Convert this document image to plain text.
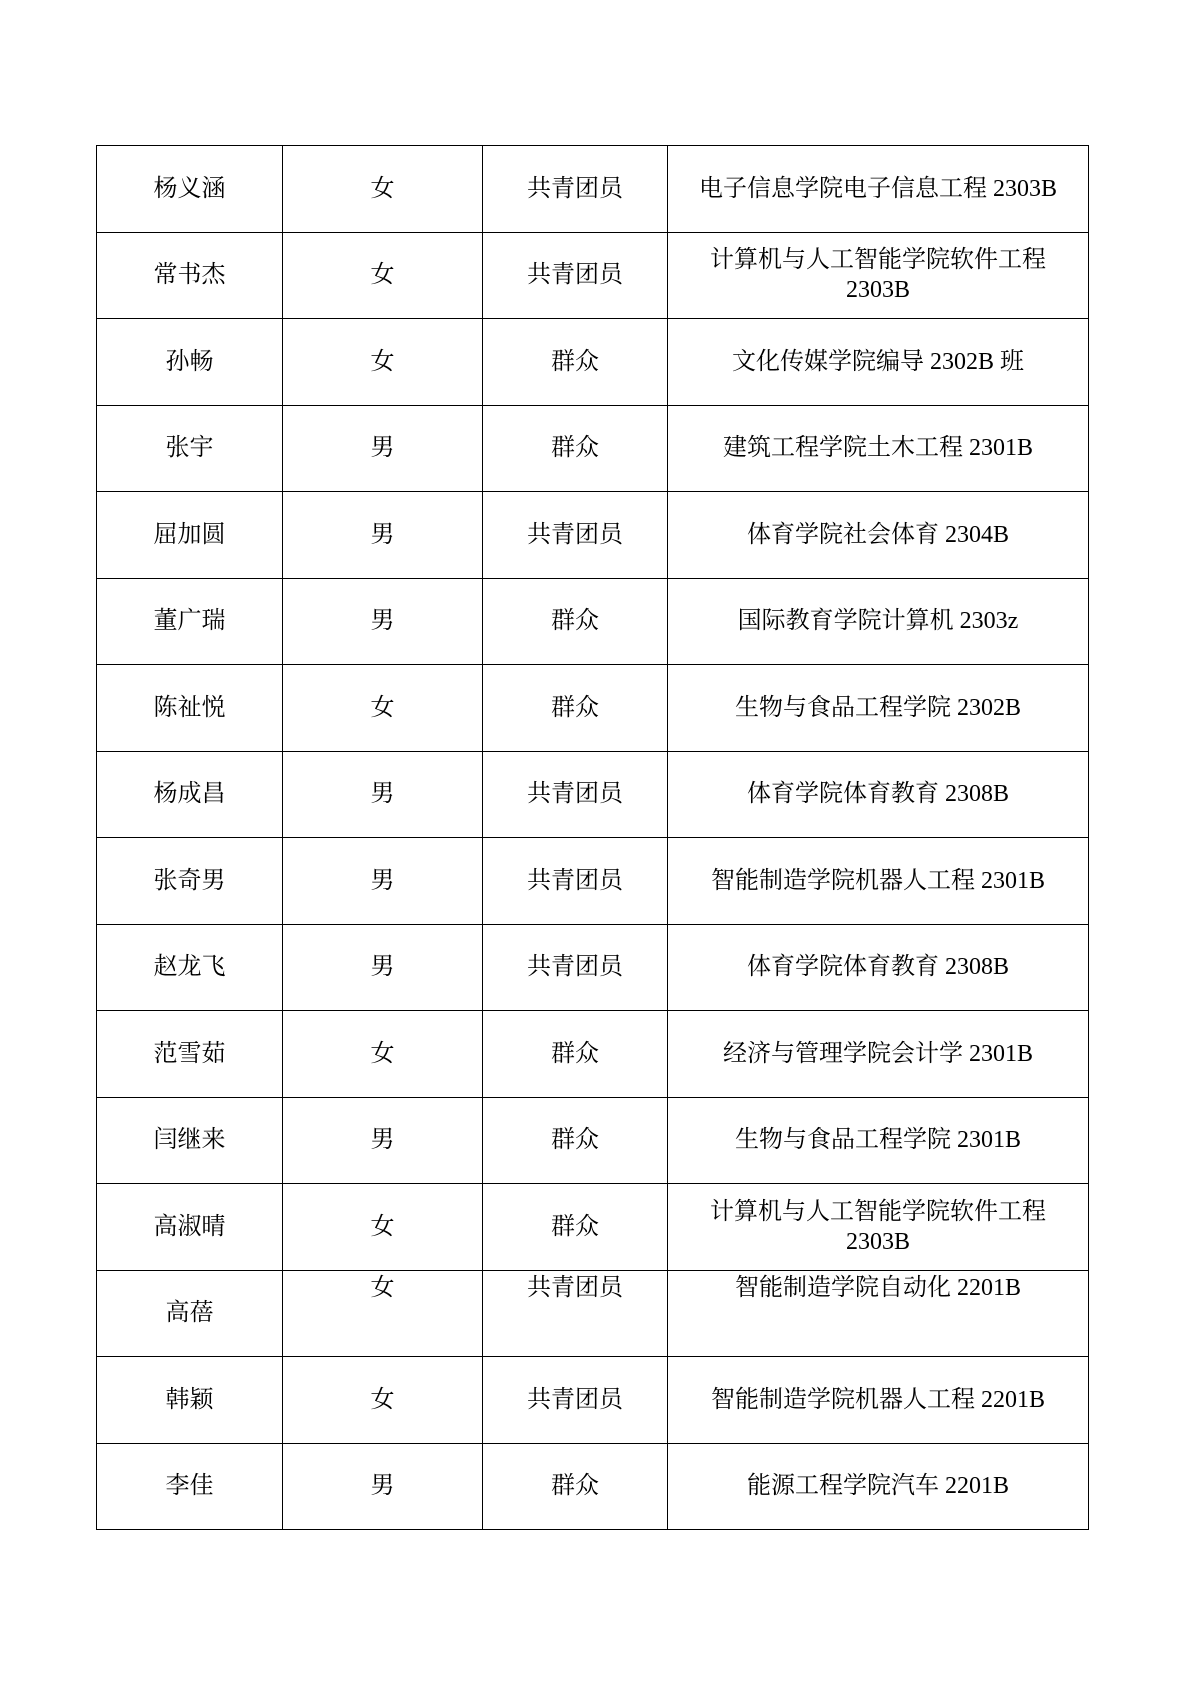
杨义涵	女	共青团员	电子信息学院电子信息工程 2303B
常书杰	女	共青团员	计算机与人工智能学院软件工程 2303B
孙畅	女	群众	文化传媒学院编导 2302B 班
张宇	男	群众	建筑工程学院土木工程 2301B
屈加圆	男	共青团员	体育学院社会体育 2304B
董广瑞	男	群众	国际教育学院计算机 2303z
陈祉悦	女	群众	生物与食品工程学院 2302B
杨成昌	男	共青团员	体育学院体育教育 2308B
张奇男	男	共青团员	智能制造学院机器人工程 2301B
赵龙飞	男	共青团员	体育学院体育教育 2308B
范雪茹	女	群众	经济与管理学院会计学 2301B
闫继来	男	群众	生物与食品工程学院 2301B
高淑晴	女	群众	计算机与人工智能学院软件工程 2303B
高蓓	女	共青团员	智能制造学院自动化 2201B
韩颖	女	共青团员	智能制造学院机器人工程 2201B
李佳	男	群众	能源工程学院汽车 2201B
